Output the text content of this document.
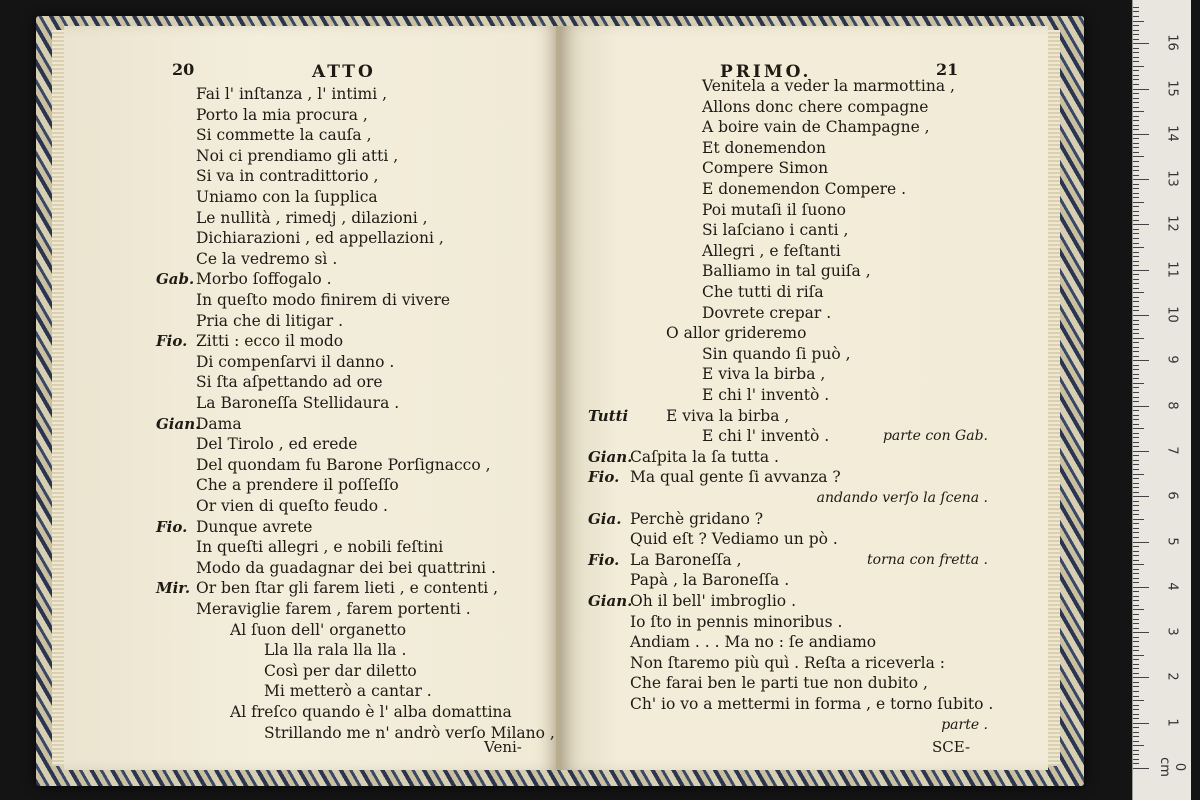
20	ATTO
Fai l' inſtanza , l' intimi ,
Porto la mia procura ,
Si commette la cauſa ,
Noi ci prendiamo gli atti ,
Si va in contradittorio ,
Uniamo con la ſupplica
Le nullità , rimedj , dilazioni ,
Dichiarazioni , ed appellazioni ,
Ce la vedremo sì .
Gab. Morbo ſoffogalo .
In queſto modo finirem di vivere
Pria che di litigar .
Fio. Zitti : ecco il modo
Di compenſarvi il danno .
Si ſta aſpettando ad ore
La Baroneſſa Stellidaura .
Gian.
Dama
Del Tirolo , ed erede
Del quondam fu Barone Porſignacco ,
Che a prendere il poſſeſſo
Or vien di queſto feudo .
Fio. Dunque avrete
In queſti allegri , e nobili feſtini
Modo da guadagnar dei bei quattrini .
Mir. Or ben ſtar gli farem lieti , e contenti ,
Meraviglie farem , farem portenti .
Al ſuon dell' organetto
Lla lla rala lla lla .
Così per dar diletto
Mi metterò a cantar .
Al freſco quando è l' alba domattina
Strillando me n' andrò verſo Milano ,
Veni-
PRIMO.	21
Venitela a veder la marmottina ,
Allons donc chere compagne
A boire vain de Champagne ,
Et donemendon
Compere Simon
E donemendon Compere .
Poi mutaſi il ſuono
Si laſciano i canti ,
Allegri , e feſtanti
Balliamo in tal guiſa ,
Che tutti di riſa
Dovrete crepar .
O allor grideremo
Sin quando ſi può ,
E viva la birba ,
E chi l' inventò .
Tutti E viva la birba ,
E chi l' inventò .	parte con Gab.
Gian.
Caſpita la ſa tutta .
Fio. Ma qual gente ſi avvanza ?
andando verſo la ſcena .
Gia. Perchè gridano ?
Quid eſt ? Vediamo un pò .
Fio. La Baroneſſa ,	torna con fretta .
Papà , la Baroneſſa .
Gian.
Oh il bell' imbroglio .
Io ſto in pennis minoribus .
Andiam . . . Ma no : ſe andiamo
Non ſtaremo più quì . Reſta a riceverla :
Che farai ben le parti tue non dubito ,
Ch' io vo a mettermi in forma , e torno ſubito .
parte .
SCE-
0 cm
1
2
3
4
5
6
7
8
9
10
11
12
13
14
15
16
